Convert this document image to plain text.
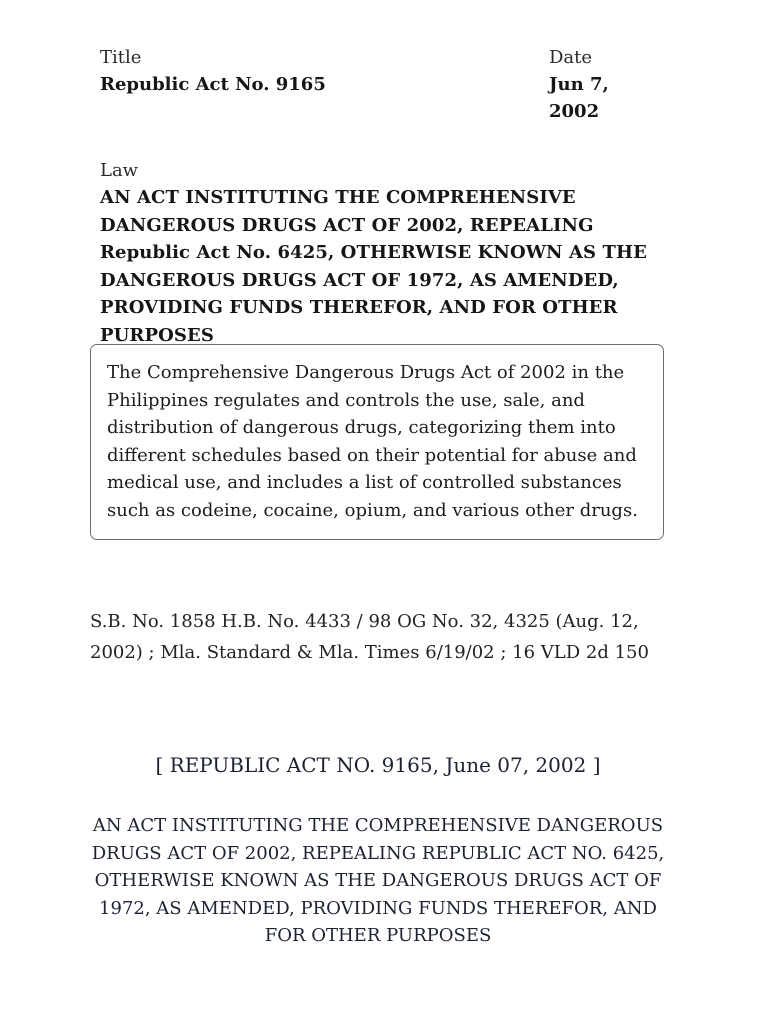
Title
Republic Act No. 9165
Date
Jun 7, 2002
Law
AN ACT INSTITUTING THE COMPREHENSIVE DANGEROUS DRUGS ACT OF 2002, REPEALING Republic Act No. 6425, OTHERWISE KNOWN AS THE DANGEROUS DRUGS ACT OF 1972, AS AMENDED, PROVIDING FUNDS THEREFOR, AND FOR OTHER PURPOSES
The Comprehensive Dangerous Drugs Act of 2002 in the Philippines regulates and controls the use, sale, and distribution of dangerous drugs, categorizing them into different schedules based on their potential for abuse and medical use, and includes a list of controlled substances such as codeine, cocaine, opium, and various other drugs.
S.B. No. 1858 H.B. No. 4433 / 98 OG No. 32, 4325 (Aug. 12, 2002) ; Mla. Standard & Mla. Times 6/19/02 ; 16 VLD 2d 150
[ REPUBLIC ACT NO. 9165, June 07, 2002 ]
AN ACT INSTITUTING THE COMPREHENSIVE DANGEROUS DRUGS ACT OF 2002, REPEALING REPUBLIC ACT NO. 6425, OTHERWISE KNOWN AS THE DANGEROUS DRUGS ACT OF 1972, AS AMENDED, PROVIDING FUNDS THEREFOR, AND FOR OTHER PURPOSES
